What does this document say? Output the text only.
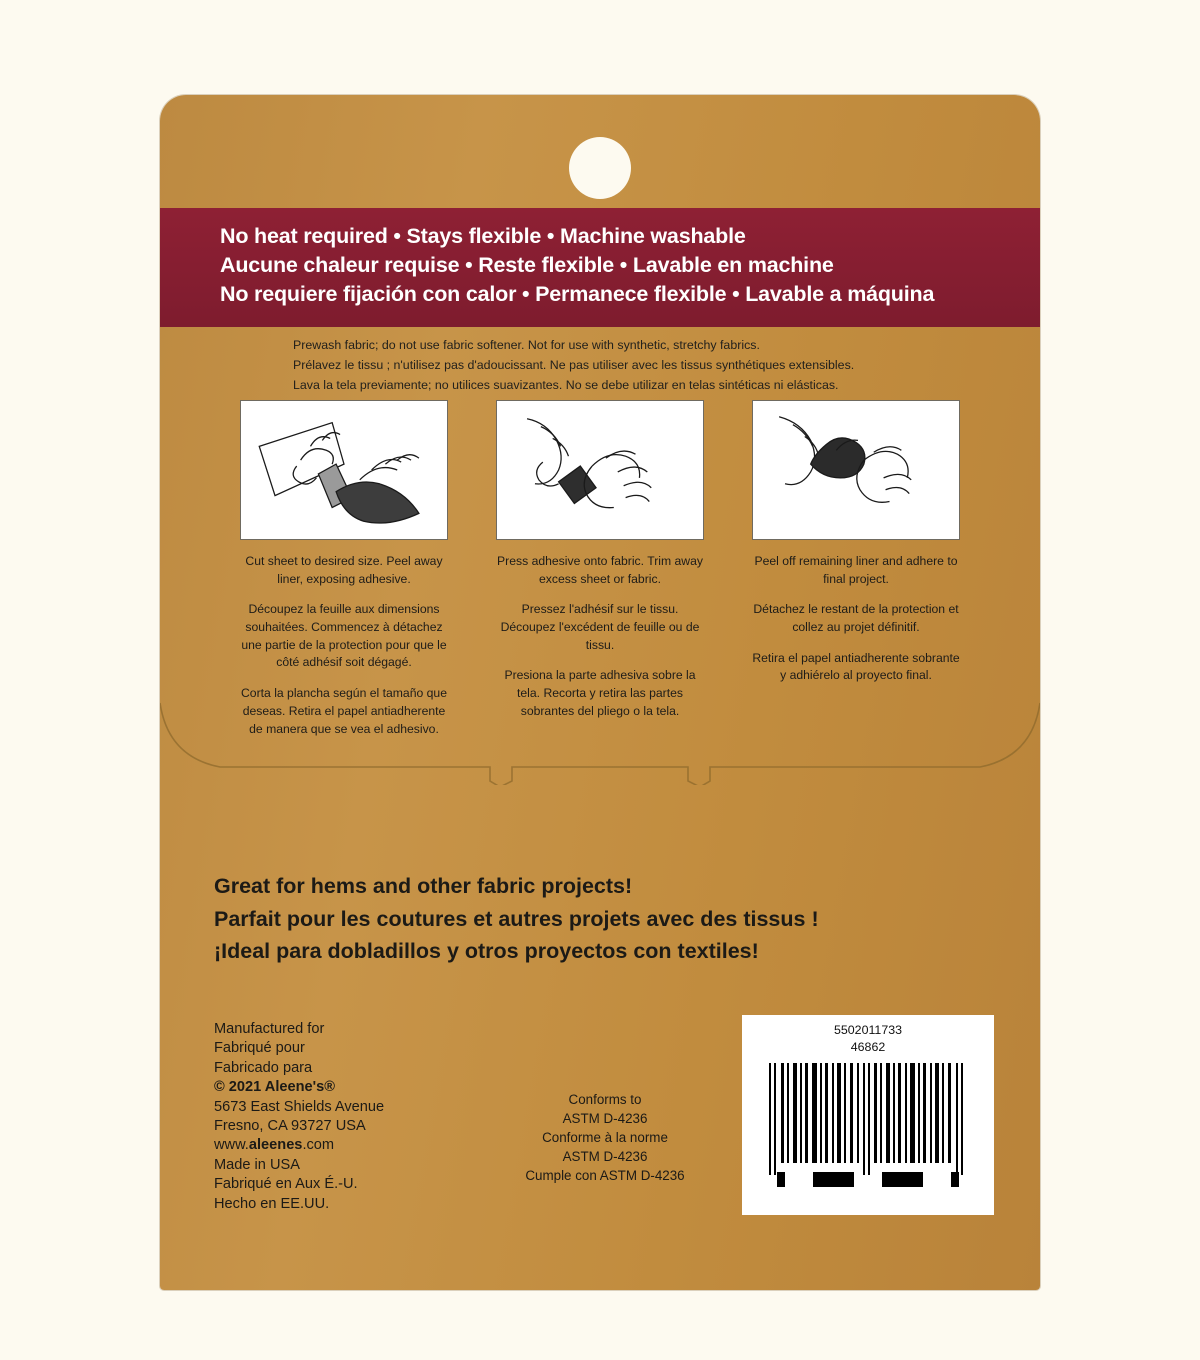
No heat required • Stays flexible • Machine washable
Aucune chaleur requise • Reste flexible • Lavable en machine
No requiere fijación con calor • Permanece flexible • Lavable a máquina
Prewash fabric; do not use fabric softener. Not for use with synthetic, stretchy fabrics.
Prélavez le tissu ; n'utilisez pas d'adoucissant. Ne pas utiliser avec les tissus synthétiques extensibles.
Lava la tela previamente; no utilices suavizantes. No se debe utilizar en telas sintéticas ni elásticas.

Cut sheet to desired size. Peel away liner, exposing adhesive.

Découpez la feuille aux dimensions souhaitées. Commencez à détachez une partie de la protection pour que le côté adhésif soit dégagé.

Corta la plancha según el tamaño que deseas. Retira el papel antiadherente de manera que se vea el adhesivo.

Press adhesive onto fabric. Trim away excess sheet or fabric.

Pressez l'adhésif sur le tissu. Découpez l'excédent de feuille ou de tissu.

Presiona la parte adhesiva sobre la tela. Recorta y retira las partes sobrantes del pliego o la tela.

Peel off remaining liner and adhere to final project.

Détachez le restant de la protection et collez au projet définitif.

Retira el papel antiadherente sobrante y adhiérelo al proyecto final.

Great for hems and other fabric projects!
Parfait pour les coutures et autres projets avec des tissus !
¡Ideal para dobladillos y otros proyectos con textiles!
Manufactured for
Fabriqué pour
Fabricado para
© 2021 Aleene's®
5673 East Shields Avenue
Fresno, CA 93727 USA
www.aleenes.com
Made in USA
Fabriqué en Aux É.-U.
Hecho en EE.UU.
Conforms to
ASTM D-4236
Conforme à la norme
ASTM D-4236
Cumple con ASTM D-4236
5502011733
46862
0 17754 46862 8
